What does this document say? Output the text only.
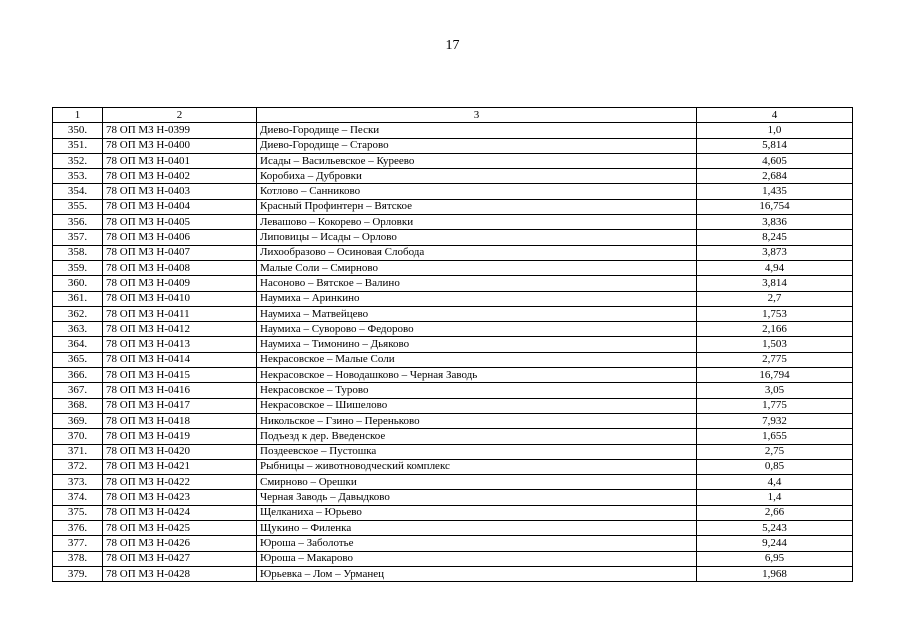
17
1	2	3	4
350.	78 ОП МЗ Н-0399	Диево-Городище – Пески	1,0
351.	78 ОП МЗ Н-0400	Диево-Городище – Старово	5,814
352.	78 ОП МЗ Н-0401	Исады – Васильевское – Куреево	4,605
353.	78 ОП МЗ Н-0402	Коробиха – Дубровки	2,684
354.	78 ОП МЗ Н-0403	Котлово – Санниково	1,435
355.	78 ОП МЗ Н-0404	Красный Профинтерн – Вятское	16,754
356.	78 ОП МЗ Н-0405	Левашово – Кокорево – Орловки	3,836
357.	78 ОП МЗ Н-0406	Липовицы – Исады – Орлово	8,245
358.	78 ОП МЗ Н-0407	Лихообразово – Осиновая Слобода	3,873
359.	78 ОП МЗ Н-0408	Малые Соли – Смирново	4,94
360.	78 ОП МЗ Н-0409	Насоново – Вятское – Валино	3,814
361.	78 ОП МЗ Н-0410	Наумиха – Аринкино	2,7
362.	78 ОП МЗ Н-0411	Наумиха – Матвейцево	1,753
363.	78 ОП МЗ Н-0412	Наумиха – Суворово – Федорово	2,166
364.	78 ОП МЗ Н-0413	Наумиха – Тимонино – Дьяково	1,503
365.	78 ОП МЗ Н-0414	Некрасовское – Малые Соли	2,775
366.	78 ОП МЗ Н-0415	Некрасовское – Новодашково – Черная Заводь	16,794
367.	78 ОП МЗ Н-0416	Некрасовское – Турово	3,05
368.	78 ОП МЗ Н-0417	Некрасовское – Шишелово	1,775
369.	78 ОП МЗ Н-0418	Никольское – Гзино – Переньково	7,932
370.	78 ОП МЗ Н-0419	Подъезд к дер. Введенское	1,655
371.	78 ОП МЗ Н-0420	Поздеевское – Пустошка	2,75
372.	78 ОП МЗ Н-0421	Рыбницы – животноводческий комплекс	0,85
373.	78 ОП МЗ Н-0422	Смирново – Орешки	4,4
374.	78 ОП МЗ Н-0423	Черная Заводь – Давыдково	1,4
375.	78 ОП МЗ Н-0424	Щелканиха – Юрьево	2,66
376.	78 ОП МЗ Н-0425	Щукино – Филенка	5,243
377.	78 ОП МЗ Н-0426	Юроша – Заболотье	9,244
378.	78 ОП МЗ Н-0427	Юроша – Макарово	6,95
379.	78 ОП МЗ Н-0428	Юрьевка – Лом – Урманец	1,968
